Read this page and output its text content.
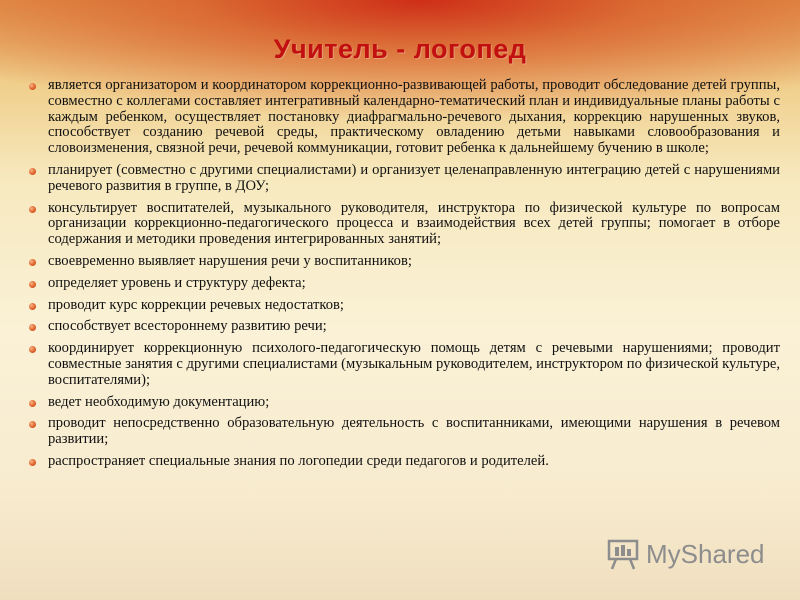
Учитель - логопед
является организатором и координатором коррекционно-развивающей работы, проводит обследование детей группы, совместно с коллегами составляет интегративный календарно-тематический план и индивидуальные планы работы с каждым ребенком, осуществляет постановку диафрагмально-речевого дыхания, коррекцию нарушенных звуков, способствует созданию речевой среды, практическому овладению детьми навыками словообразования и словоизменения, связной речи, речевой коммуникации, готовит ребенка к дальнейшему бучению в школе;
планирует (совместно с другими специалистами) и организует целенаправленную интеграцию детей с нарушениями речевого развития в группе, в ДОУ;
консультирует воспитателей, музыкального руководителя, инструктора по физической культуре по вопросам организации коррекционно-педагогического процесса и взаимодействия всех детей группы; помогает в отборе содержания и методики проведения интегрированных занятий;
своевременно выявляет нарушения речи у воспитанников;
определяет уровень и структуру дефекта;
проводит курс коррекции речевых недостатков;
способствует всестороннему развитию речи;
координирует коррекционную психолого-педагогическую помощь детям с речевыми нарушениями; проводит совместные занятия с другими специалистами (музыкальным руководителем, инструктором по физической культуре, воспитателями);
ведет необходимую документацию;
проводит непосредственно образовательную деятельность с воспитанниками, имеющими нарушения в речевом развитии;
распространяет специальные знания по логопедии среди педагогов и родителей.
MyShared
